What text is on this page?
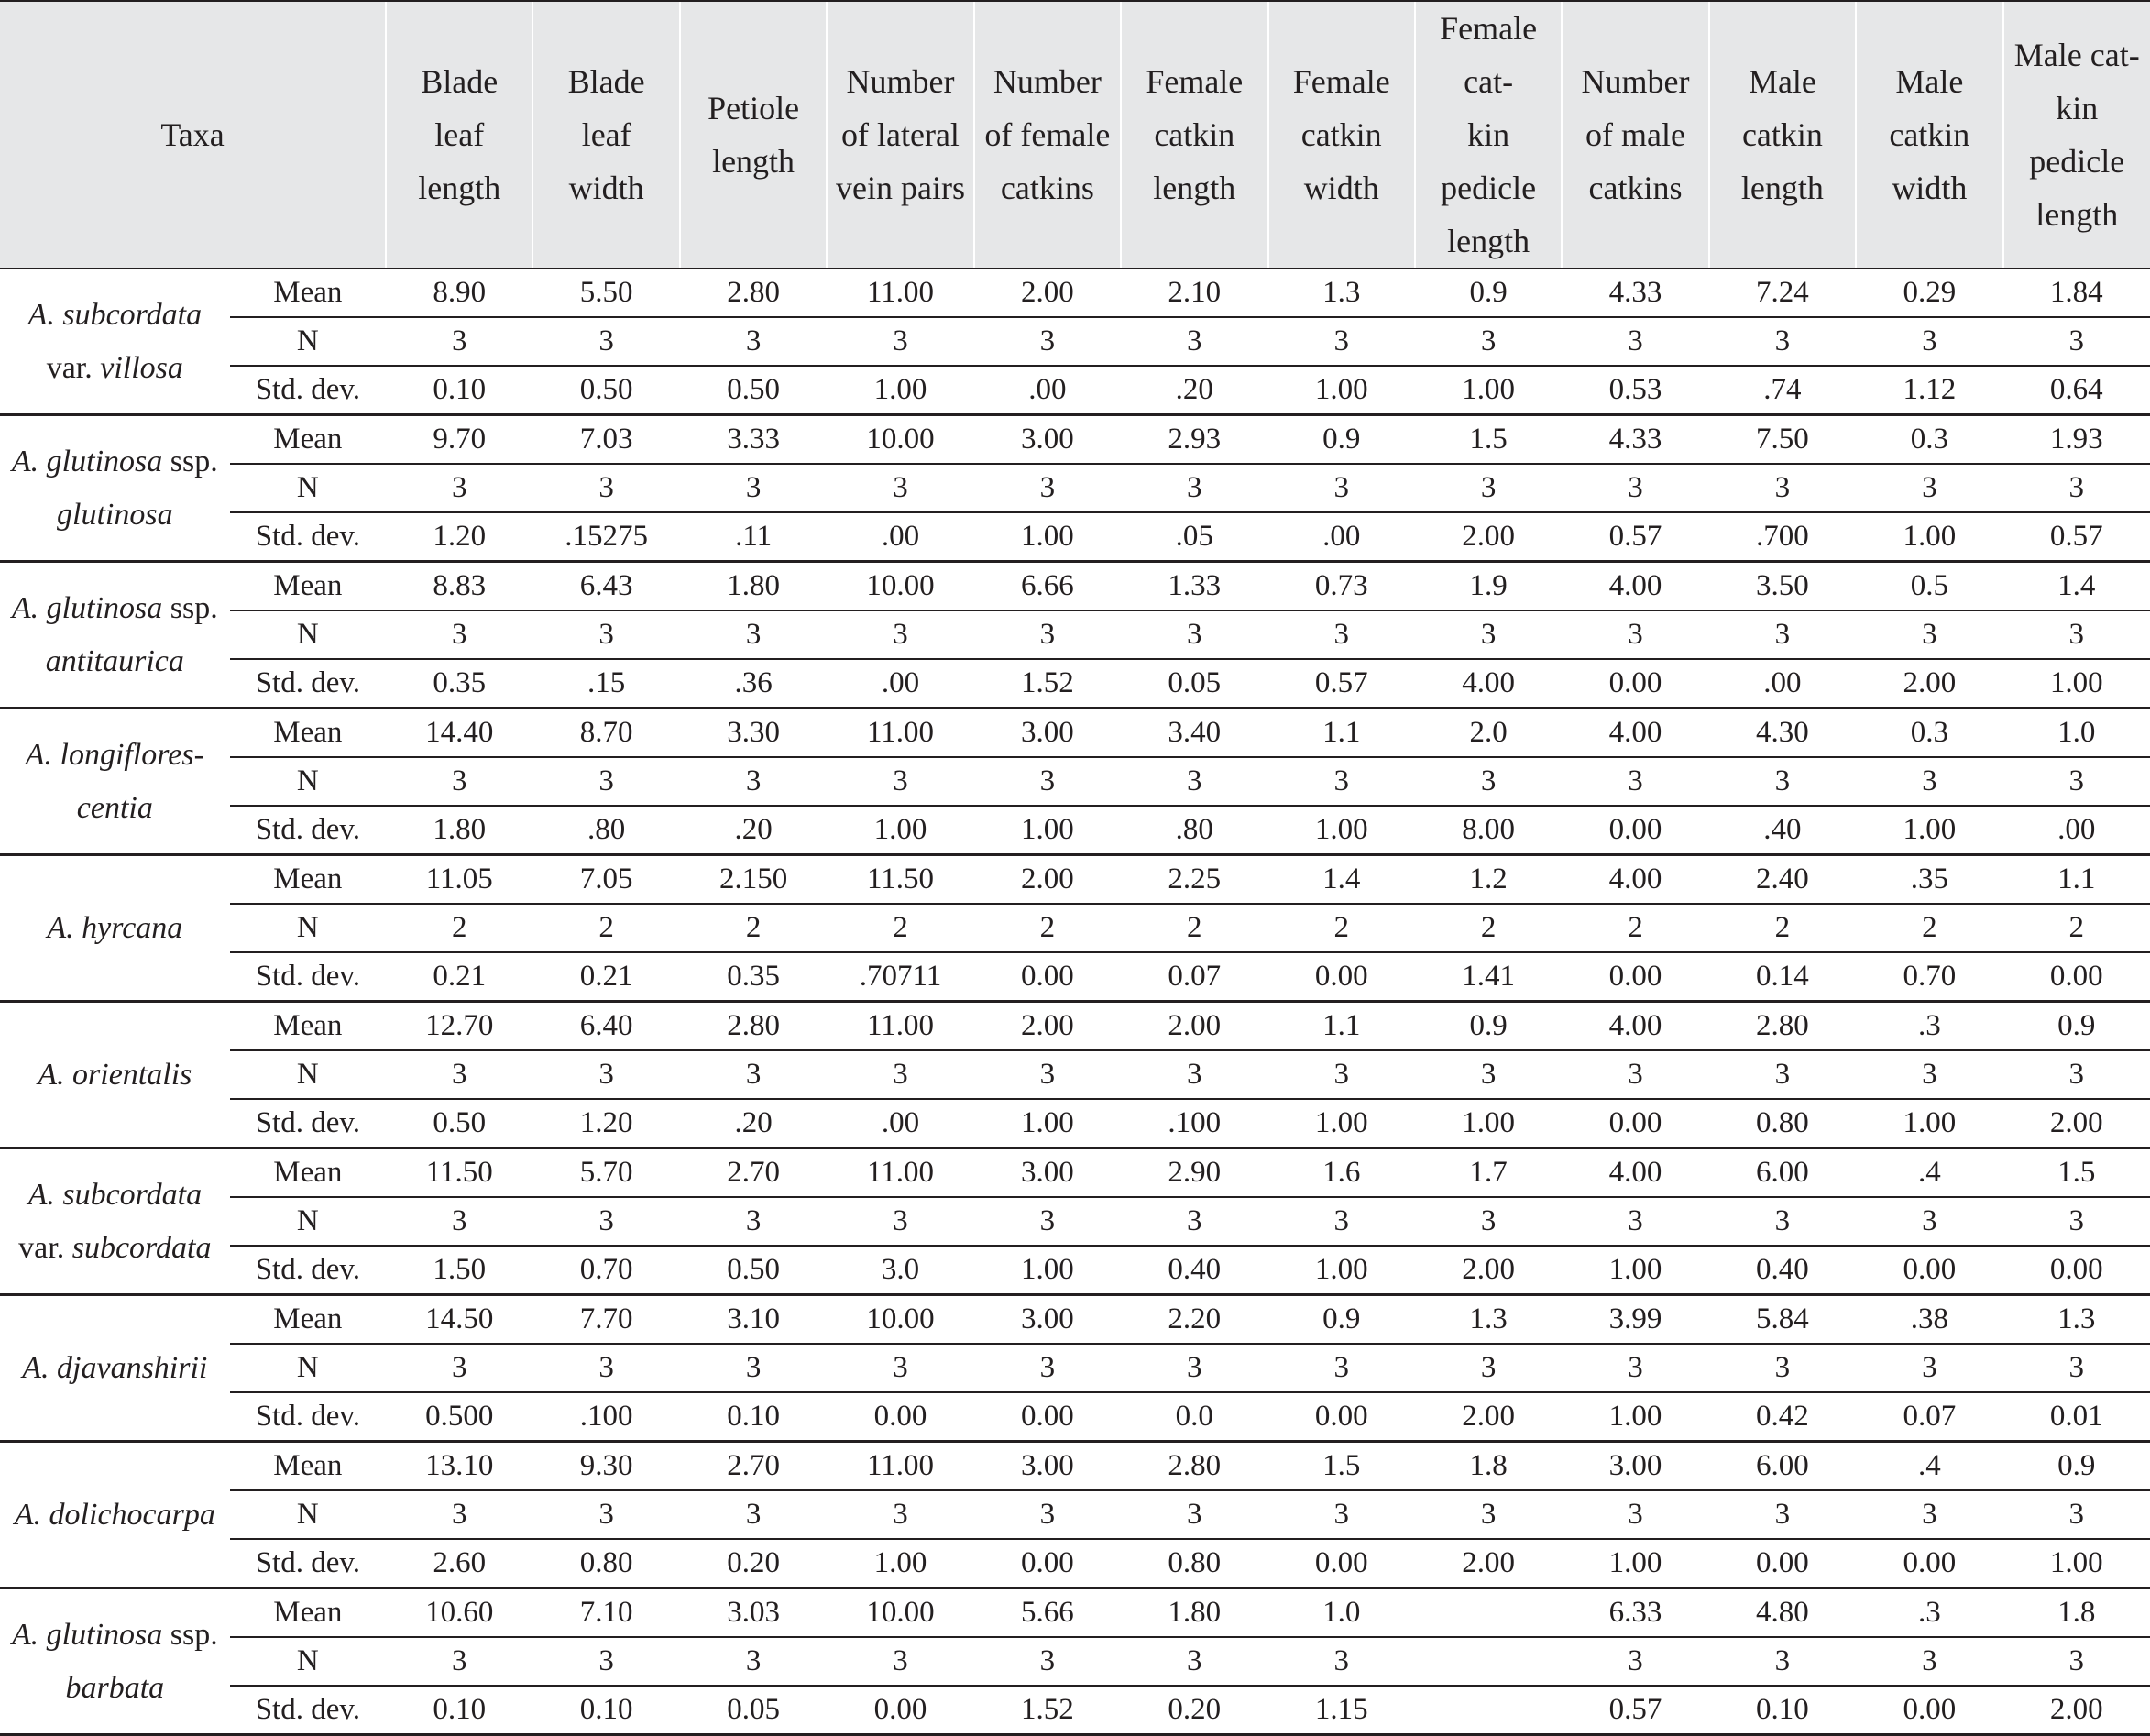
Taxa		Blade
leaf
length	Blade
leaf
width	Petiole
length	Number
of lateral
vein pairs	Number
of female
catkins	Female
catkin
length	Female
catkin
width	Female cat-
kin pedicle
length	Number
of male
catkins	Male
catkin
length	Male
catkin
width	Male cat-
kin pedicle
length
A. subcordata var. villosa	Mean	8.90	5.50	2.80	11.00	2.00	2.10	1.3	0.9	4.33	7.24	0.29	1.84
	N	3	3	3	3	3	3	3	3	3	3	3	3
	Std. dev.	0.10	0.50	0.50	1.00	.00	.20	1.00	1.00	0.53	.74	1.12	0.64
A. glutinosa ssp. glutinosa	Mean	9.70	7.03	3.33	10.00	3.00	2.93	0.9	1.5	4.33	7.50	0.3	1.93
	N	3	3	3	3	3	3	3	3	3	3	3	3
	Std. dev.	1.20	.15275	.11	.00	1.00	.05	.00	2.00	0.57	.700	1.00	0.57
A. glutinosa ssp. antitaurica	Mean	8.83	6.43	1.80	10.00	6.66	1.33	0.73	1.9	4.00	3.50	0.5	1.4
	N	3	3	3	3	3	3	3	3	3	3	3	3
	Std. dev.	0.35	.15	.36	.00	1.52	0.05	0.57	4.00	0.00	.00	2.00	1.00
A. longiflores-centia	Mean	14.40	8.70	3.30	11.00	3.00	3.40	1.1	2.0	4.00	4.30	0.3	1.0
	N	3	3	3	3	3	3	3	3	3	3	3	3
	Std. dev.	1.80	.80	.20	1.00	1.00	.80	1.00	8.00	0.00	.40	1.00	.00
A. hyrcana	Mean	11.05	7.05	2.150	11.50	2.00	2.25	1.4	1.2	4.00	2.40	.35	1.1
	N	2	2	2	2	2	2	2	2	2	2	2	2
	Std. dev.	0.21	0.21	0.35	.70711	0.00	0.07	0.00	1.41	0.00	0.14	0.70	0.00
A. orientalis	Mean	12.70	6.40	2.80	11.00	2.00	2.00	1.1	0.9	4.00	2.80	.3	0.9
	N	3	3	3	3	3	3	3	3	3	3	3	3
	Std. dev.	0.50	1.20	.20	.00	1.00	.100	1.00	1.00	0.00	0.80	1.00	2.00
A. subcordata var. subcordata	Mean	11.50	5.70	2.70	11.00	3.00	2.90	1.6	1.7	4.00	6.00	.4	1.5
	N	3	3	3	3	3	3	3	3	3	3	3	3
	Std. dev.	1.50	0.70	0.50	3.0	1.00	0.40	1.00	2.00	1.00	0.40	0.00	0.00
A. djavanshirii	Mean	14.50	7.70	3.10	10.00	3.00	2.20	0.9	1.3	3.99	5.84	.38	1.3
	N	3	3	3	3	3	3	3	3	3	3	3	3
	Std. dev.	0.500	.100	0.10	0.00	0.00	0.0	0.00	2.00	1.00	0.42	0.07	0.01
A. dolichocarpa	Mean	13.10	9.30	2.70	11.00	3.00	2.80	1.5	1.8	3.00	6.00	.4	0.9
	N	3	3	3	3	3	3	3	3	3	3	3	3
	Std. dev.	2.60	0.80	0.20	1.00	0.00	0.80	0.00	2.00	1.00	0.00	0.00	1.00
A. glutinosa ssp. barbata	Mean	10.60	7.10	3.03	10.00	5.66	1.80	1.0		6.33	4.80	.3	1.8
	N	3	3	3	3	3	3	3		3	3	3	3
	Std. dev.	0.10	0.10	0.05	0.00	1.52	0.20	1.15		0.57	0.10	0.00	2.00
